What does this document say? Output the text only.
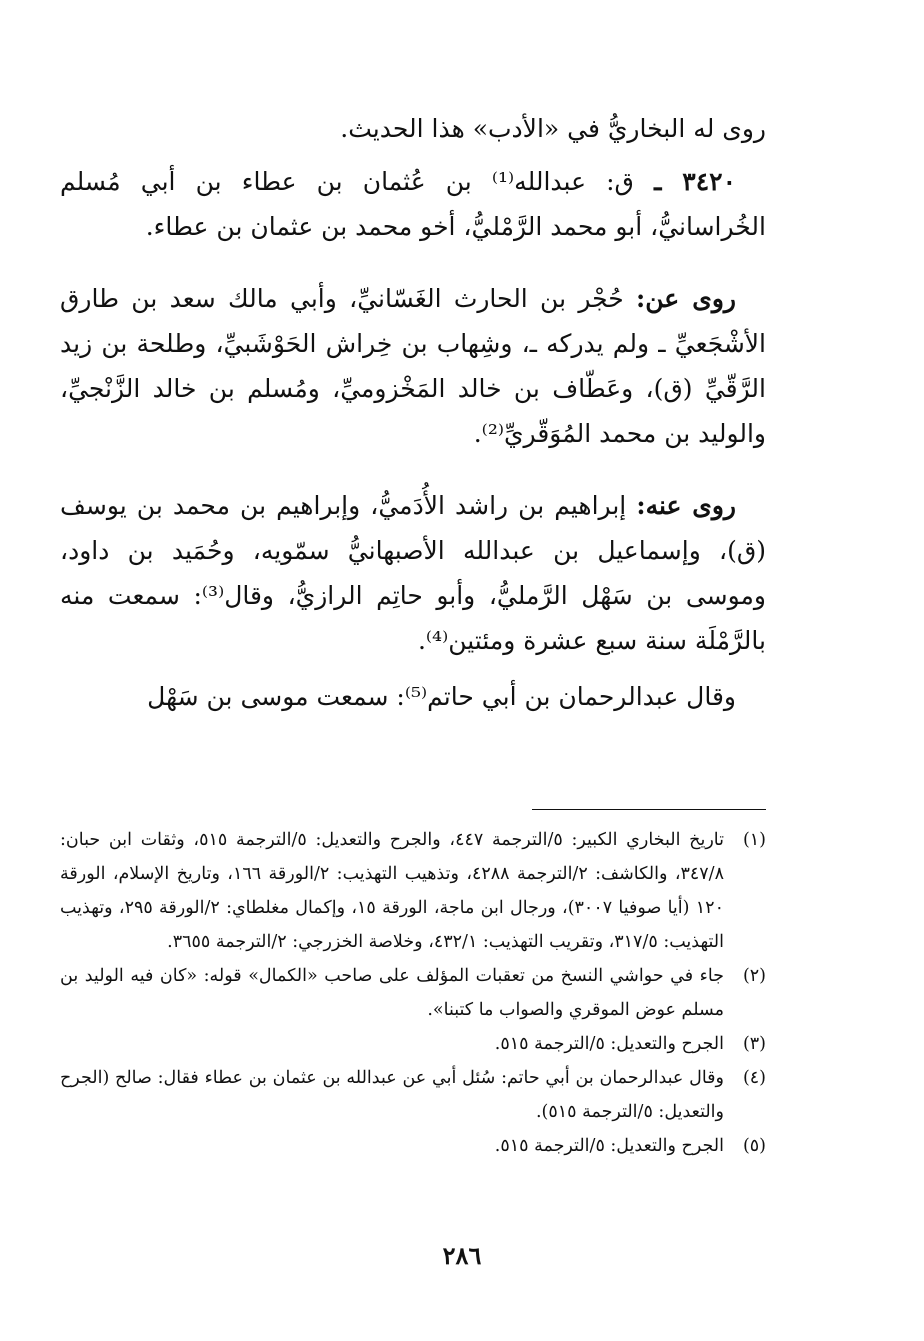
روى له البخاريُّ في «الأدب» هذا الحديث.

٣٤٢٠ ـ ق: عبدالله⁽¹⁾ بن عُثمان بن عطاء بن أبي مُسلم الخُراسانيُّ، أبو محمد الرَّمْليُّ، أخو محمد بن عثمان بن عطاء.

روى عن: حُجْر بن الحارث الغَسّانيِّ، وأبي مالك سعد بن طارق الأشْجَعيِّ ـ ولم يدركه ـ، وشِهاب بن خِراش الحَوْشَبيِّ، وطلحة بن زيد الرَّقّيِّ (ق)، وعَطّاف بن خالد المَخْزوميِّ، ومُسلم بن خالد الزَّنْجيِّ، والوليد بن محمد المُوَقّريِّ⁽²⁾.

روى عنه: إبراهيم بن راشد الأُدَميُّ، وإبراهيم بن محمد بن يوسف (ق)، وإسماعيل بن عبدالله الأصبهانيُّ سمّويه، وحُمَيد بن داود، وموسى بن سَهْل الرَّمليُّ، وأبو حاتِم الرازيُّ، وقال⁽³⁾: سمعت منه بالرَّمْلَة سنة سبع عشرة ومئتين⁽⁴⁾.

وقال عبدالرحمان بن أبي حاتم⁽⁵⁾: سمعت موسى بن سَهْل

(١)
تاريخ البخاري الكبير: ٥/الترجمة ٤٤٧، والجرح والتعديل: ٥/الترجمة ٥١٥، وثقات ابن حبان: ٣٤٧/٨، والكاشف: ٢/الترجمة ٤٢٨٨، وتذهيب التهذيب: ٢/الورقة ١٦٦، وتاريخ الإسلام، الورقة ١٢٠ (أيا صوفيا ٣٠٠٧)، ورجال ابن ماجة، الورقة ١٥، وإكمال مغلطاي: ٢/الورقة ٢٩٥، وتهذيب التهذيب: ٣١٧/٥، وتقريب التهذيب: ٤٣٢/١، وخلاصة الخزرجي: ٢/الترجمة ٣٦٥٥.
(٢)
جاء في حواشي النسخ من تعقبات المؤلف على صاحب «الكمال» قوله: «كان فيه الوليد بن مسلم عوض الموقري والصواب ما كتبنا».
(٣)
الجرح والتعديل: ٥/الترجمة ٥١٥.
(٤)
وقال عبدالرحمان بن أبي حاتم: سُئل أبي عن عبدالله بن عثمان بن عطاء فقال: صالح (الجرح والتعديل: ٥/الترجمة ٥١٥).
(٥)
الجرح والتعديل: ٥/الترجمة ٥١٥.
٢٨٦
